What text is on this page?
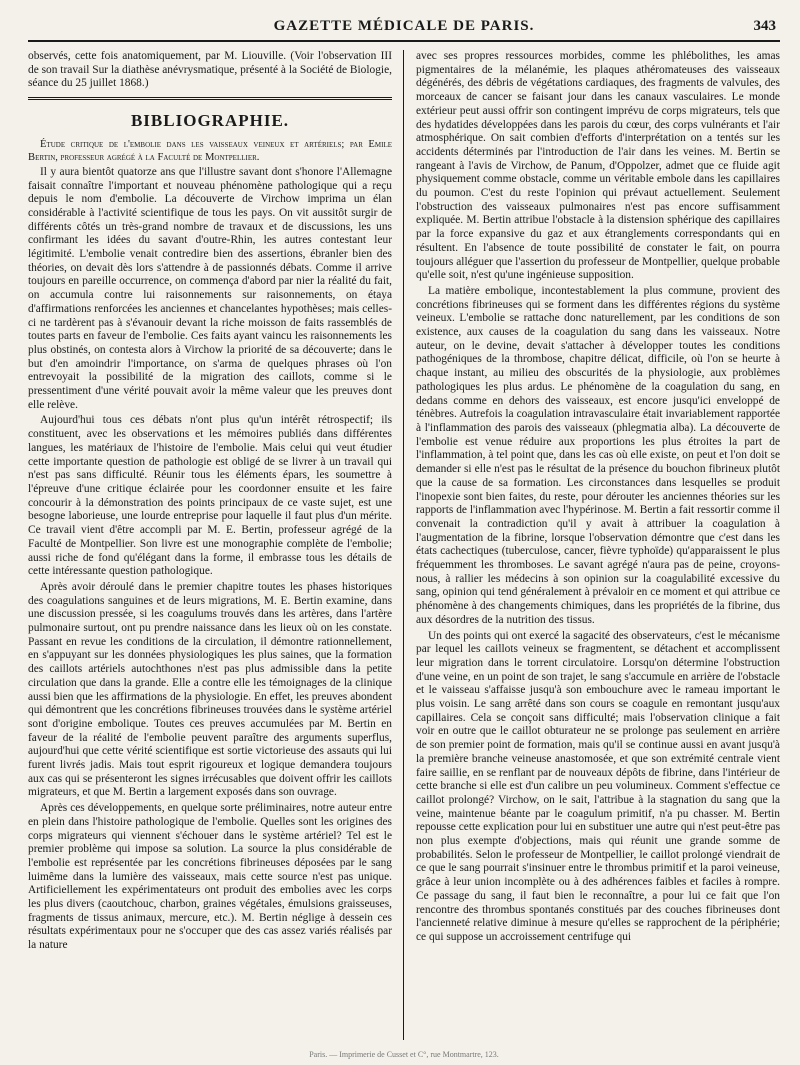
GAZETTE MÉDICALE DE PARIS.	343

observés, cette fois anatomiquement, par M. Liouville. (Voir l'observation III de son travail Sur la diathèse anévrysmatique, présenté à la Société de Biologie, séance du 25 juillet 1868.)

BIBLIOGRAPHIE.

Étude critique de l'embolie dans les vaisseaux veineux et artériels; par Emile Bertin, professeur agrégé à la Faculté de Montpellier.

Il y aura bientôt quatorze ans que l'illustre savant dont s'honore l'Allemagne faisait connaître l'important et nouveau phénomène pathologique qui a reçu depuis le nom d'embolie. La découverte de Virchow imprima un élan considérable à l'activité scientifique de tous les pays. On vit aussitôt surgir de différents côtés un très-grand nombre de travaux et de discussions, les uns confirmant les idées du savant d'outre-Rhin, les autres contestant leur légitimité. L'embolie venait contredire bien des assertions, ébranler bien des théories, on devait dès lors s'attendre à de passionnés débats. Comme il arrive toujours en pareille occurrence, on commença d'abord par nier la réalité du fait, on accumula contre lui raisonnements sur raisonnements, on étaya d'affirmations renforcées les anciennes et chancelantes hypothèses; mais celles-ci ne tardèrent pas à s'évanouir devant la riche moisson de faits rassemblés de toutes parts en faveur de l'embolie. Ces faits ayant vaincu les raisonnements les plus obstinés, on contesta alors à Virchow la priorité de sa découverte; dans le but d'en amoindrir l'importance, on s'arma de quelques phrases où l'on entrevoyait la possibilité de la migration des caillots, comme si le pressentiment d'une vérité pouvait avoir la même valeur que les preuves dont elle relève.

Aujourd'hui tous ces débats n'ont plus qu'un intérêt rétrospectif; ils constituent, avec les observations et les mémoires publiés dans différentes langues, les matériaux de l'histoire de l'embolie. Mais celui qui veut étudier cette importante question de pathologie est obligé de se livrer à un travail qui n'est pas sans difficulté. Réunir tous les éléments épars, les soumettre à l'épreuve d'une critique éclairée pour les coordonner ensuite et les faire concourir à la démonstration des points principaux de ce vaste sujet, est une besogne laborieuse, une lourde entreprise pour laquelle il faut plus d'un mérite. Ce travail vient d'être accompli par M. E. Bertin, professeur agrégé de la Faculté de Montpellier. Son livre est une monographie complète de l'embolie; aussi riche de fond qu'élégant dans la forme, il embrasse tous les détails de cette intéressante question pathologique.

Après avoir déroulé dans le premier chapitre toutes les phases historiques des coagulations sanguines et de leurs migrations, M. E. Bertin examine, dans une discussion pressée, si les coagulums trouvés dans les artères, dans l'artère pulmonaire surtout, ont pu prendre naissance dans les lieux où on les constate. Passant en revue les conditions de la circulation, il démontre rationnellement, en s'appuyant sur les données physiologiques les plus saines, que la formation des caillots artériels autochthones n'est pas plus admissible dans la petite circulation que dans la grande. Elle a contre elle les témoignages de la clinique aussi bien que les affirmations de la physiologie. En effet, les preuves abondent qui démontrent que les concrétions fibrineuses trouvées dans le système artériel sont d'origine embolique. Toutes ces preuves accumulées par M. Bertin en faveur de la réalité de l'embolie peuvent paraître des arguments superflus, aujourd'hui que cette vérité scientifique est sortie victorieuse des assauts qui lui furent livrés jadis. Mais tout esprit rigoureux et logique demandera toujours aux cas qui se présenteront les signes irrécusables que doivent offrir les caillots migrateurs, et que M. Bertin a largement exposés dans son ouvrage.

Après ces développements, en quelque sorte préliminaires, notre auteur entre en plein dans l'histoire pathologique de l'embolie. Quelles sont les origines des corps migrateurs qui viennent s'échouer dans le système artériel? Tel est le premier problème qui impose sa solution. La source la plus considérable de l'embolie est représentée par les concrétions fibrineuses déposées par le sang luimême dans la lumière des vaisseaux, mais cette source n'est pas unique. Artificiellement les expérimentateurs ont produit des embolies avec les corps les plus divers (caoutchouc, charbon, graines végétales, émulsions graisseuses, fragments de tissus animaux, mercure, etc.). M. Bertin néglige à dessein ces résultats expérimentaux pour ne s'occuper que des cas assez variés réalisés par la nature

avec ses propres ressources morbides, comme les phlébolithes, les amas pigmentaires de la mélanémie, les plaques athéromateuses des vaisseaux dégénérés, des débris de végétations cardiaques, des fragments de valvules, des morceaux de cancer se faisant jour dans les canaux vasculaires. Le monde extérieur peut aussi offrir son contingent imprévu de corps migrateurs, tels que des hydatides développées dans les parois du cœur, des corps vulnérants et l'air atmosphérique. On sait combien d'efforts d'interprétation on a tentés sur les accidents déterminés par l'introduction de l'air dans les veines. M. Bertin se rangeant à l'avis de Virchow, de Panum, d'Oppolzer, admet que ce fluide agit physiquement comme obstacle, comme un véritable embole dans les capillaires du poumon. C'est du reste l'opinion qui prévaut actuellement. Seulement l'obstruction des vaisseaux pulmonaires n'est pas encore suffisamment expliquée. M. Bertin attribue l'obstacle à la distension sphérique des capillaires par la force expansive du gaz et aux étranglements correspondants qui en résultent. En l'absence de toute possibilité de constater le fait, on pourra toujours alléguer que l'assertion du professeur de Montpellier, quelque probable qu'elle soit, n'est qu'une ingénieuse supposition.

La matière embolique, incontestablement la plus commune, provient des concrétions fibrineuses qui se forment dans les différentes régions du système veineux. L'embolie se rattache donc naturellement, par les conditions de son existence, aux causes de la coagulation du sang dans les vaisseaux. Notre auteur, on le devine, devait s'attacher à développer toutes les conditions pathogéniques de la thrombose, chapitre délicat, difficile, où l'on se heurte à chaque instant, au milieu des obscurités de la physiologie, aux problèmes pathologiques les plus ardus. Le phénomène de la coagulation du sang, en dedans comme en dehors des vaisseaux, est encore jusqu'ici enveloppé de ténèbres. Autrefois la coagulation intravasculaire était invariablement rapportée à l'inflammation des parois des vaisseaux (phlegmatia alba). La découverte de l'embolie est venue réduire aux proportions les plus étroites la part de l'inflammation, à tel point que, dans les cas où elle existe, on peut et l'on doit se demander si elle n'est pas le résultat de la présence du bouchon fibrineux plutôt que la cause de sa formation. Les circonstances dans lesquelles se produit l'inopexie sont bien faites, du reste, pour dérouter les anciennes théories sur les rapports de l'inflammation avec l'hypérinose. M. Bertin a fait ressortir comme il convenait la contradiction qu'il y avait à attribuer la coagulation à l'augmentation de la fibrine, lorsque l'observation démontre que c'est dans les états cachectiques (tuberculose, cancer, fièvre typhoïde) qu'apparaissent le plus fréquemment les thromboses. Le savant agrégé n'aura pas de peine, croyons-nous, à rallier les médecins à son opinion sur la coagulabilité excessive du sang, opinion qui tend généralement à prévaloir en ce moment et qui attribue ce phénomène à des changements chimiques, dans les propriétés de la fibrine, dus aux désordres de la nutrition des tissus.

Un des points qui ont exercé la sagacité des observateurs, c'est le mécanisme par lequel les caillots veineux se fragmentent, se détachent et accomplissent leur migration dans le torrent circulatoire. Lorsqu'on détermine l'obstruction d'une veine, en un point de son trajet, le sang s'accumule en arrière de l'obstacle et le vaisseau s'affaisse jusqu'à son embouchure avec le rameau important le plus voisin. Le sang arrêté dans son cours se coagule en remontant jusqu'aux capillaires. Cela se conçoit sans difficulté; mais l'observation clinique a fait voir en outre que le caillot obturateur ne se prolonge pas seulement en arrière de son premier point de formation, mais qu'il se continue aussi en avant jusqu'à la première branche veineuse anastomosée, et que son extrémité centrale vient faire saillie, en se renflant par de nouveaux dépôts de fibrine, dans l'intérieur de cette branche si elle est d'un calibre un peu volumineux. Comment s'effectue ce caillot prolongé? Virchow, on le sait, l'attribue à la stagnation du sang que la veine, maintenue béante par le coagulum primitif, n'a pu chasser. M. Bertin repousse cette explication pour lui en substituer une autre qui n'est peut-être pas non plus exempte d'objections, mais qui réunit une grande somme de probabilités. Selon le professeur de Montpellier, le caillot prolongé viendrait de ce que le sang pourrait s'insinuer entre le thrombus primitif et la paroi veineuse, grâce à leur union incomplète ou à des adhérences faibles et faciles à rompre. Ce passage du sang, il faut bien le reconnaître, a pour lui ce fait que l'on rencontre des thrombus spontanés constitués par des couches fibrineuses dont l'ancienneté relative diminue à mesure qu'elles se rapprochent de la périphérie; ce qui suppose un accroissement centrifuge qui

Paris. — Imprimerie de Cusset et C°, rue Montmartre, 123.
